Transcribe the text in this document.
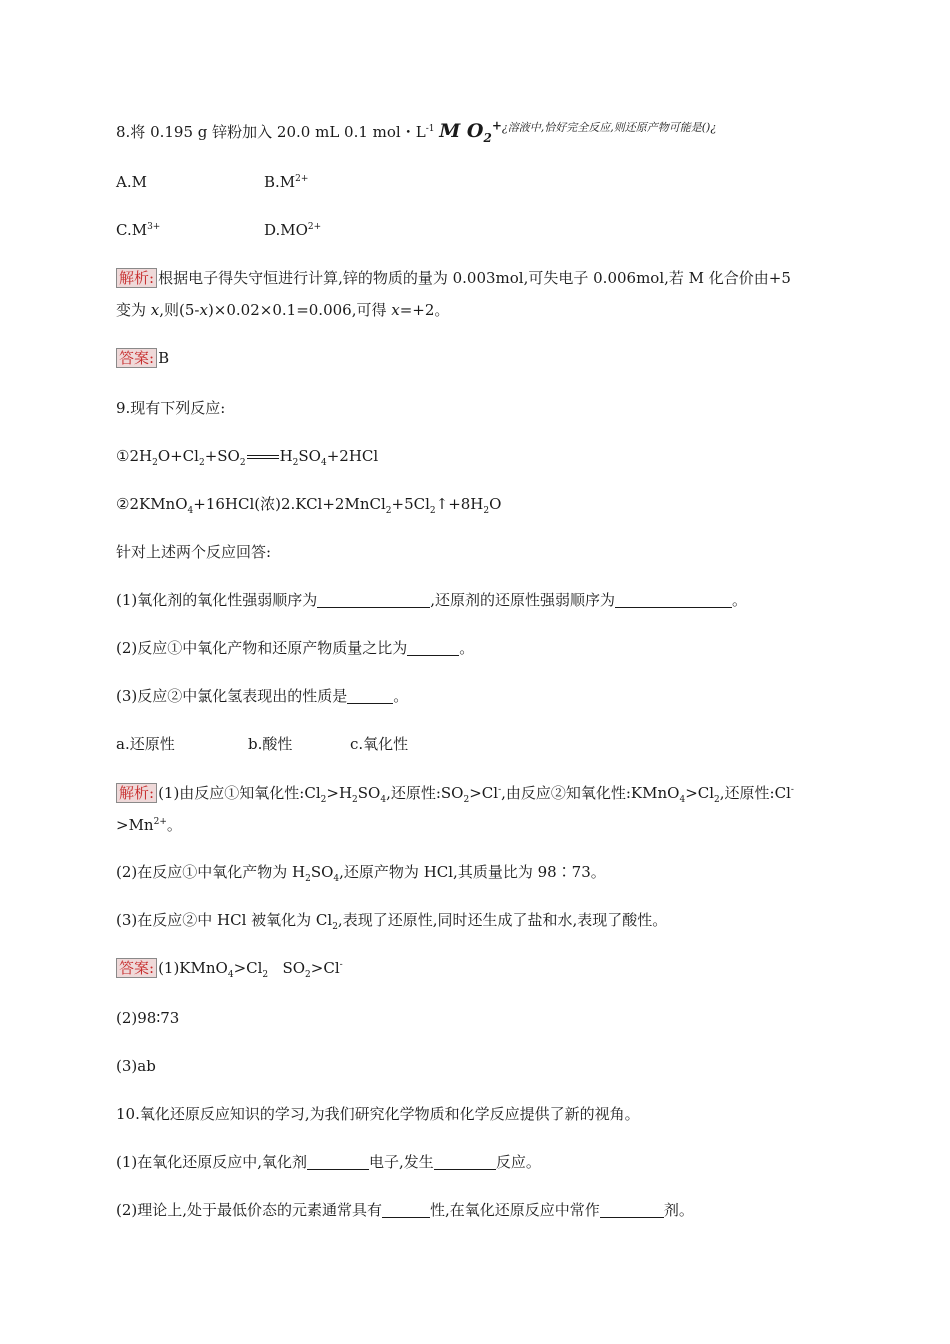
8.将 0.195 g 锌粉加入 20.0 mL 0.1 mol・$L^{-1}$ M $O_2^{+¿溶液中,恰好完全反应,则还原产物可能是()¿}$
A.M	$B.M^{2+}$
$C.M^{3+}$	$D.MO^{2+}$
解析: 根据电子得失守恒进行计算,锌的物质的量为 0.003mol,可失电子 0.006mol,若 M 化合价由+5
变为 x,则(5-x)×0.02×0.1=0.006,可得 x=+2。
答案: B
9.现有下列反应:
$①2H_2O+Cl_2+SO_2$ $H_2SO_4+2HCl$
②2KMnO$_4$+16HCl(浓)$2.KCl+2MnCl_2+5Cl_2↑+8H_2O$
针对上述两个反应回答:
(1)氧化剂的氧化性强弱顺序为	,还原剂的还原性强弱顺序为	。
(2)反应①中氧化产物和还原产物质量之比为	。
(3)反应②中氯化氢表现出的性质是	。
a.还原性	b.酸性	c.氧化性
解析: (1)由反应①知氧化性$:Cl_2>H_2SO_4$,还原性$:SO_2>Cl^-$,由反应②知氧化性$:KMnO_4>Cl_2$,还原性:Cl-
$>Mn^{2+}$。
(2)在反应①中氧化产物为 $H_2SO_4$,还原产物为 HCl,其质量比为 98∶73。
(3)在反应②中 HCl 被氧化为 $Cl_2$,表现了还原性,同时还生成了盐和水,表现了酸性。
答案: $(1)KMnO_4>Cl_2$ $SO_2>Cl^-$
(2)98∶73
(3)ab
10.氧化还原反应知识的学习,为我们研究化学物质和化学反应提供了新的视角。
(1)在氧化还原反应中,氧化剂	电子,发生	反应。
(2)理论上,处于最低价态的元素通常具有	性,在氧化还原反应中常作	剂。
